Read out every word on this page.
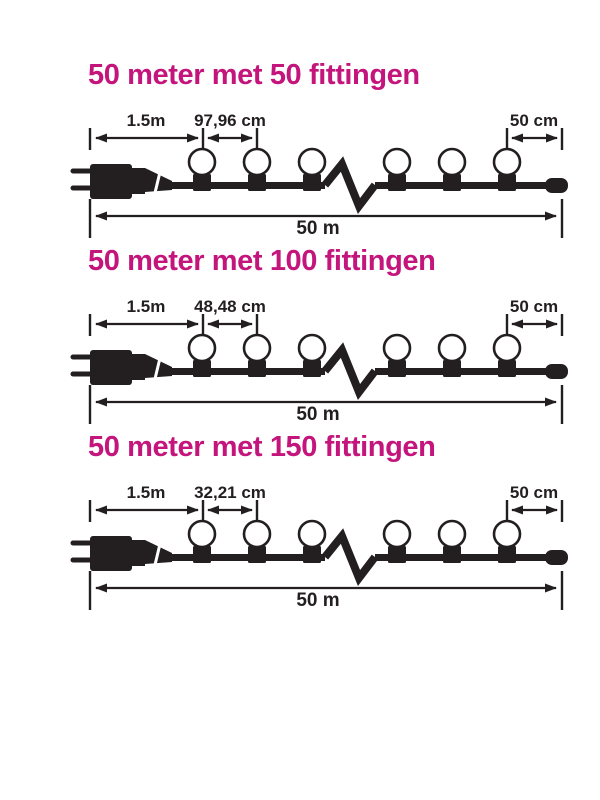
50 meter met 50 fittingen
1.5m 97,96 cm	50 cm
50 m
50 meter met 100 fittingen
1.5m 48,48 cm	50 cm
50 m
50 meter met 150 fittingen
1.5m 32,21 cm	50 cm
50 m
